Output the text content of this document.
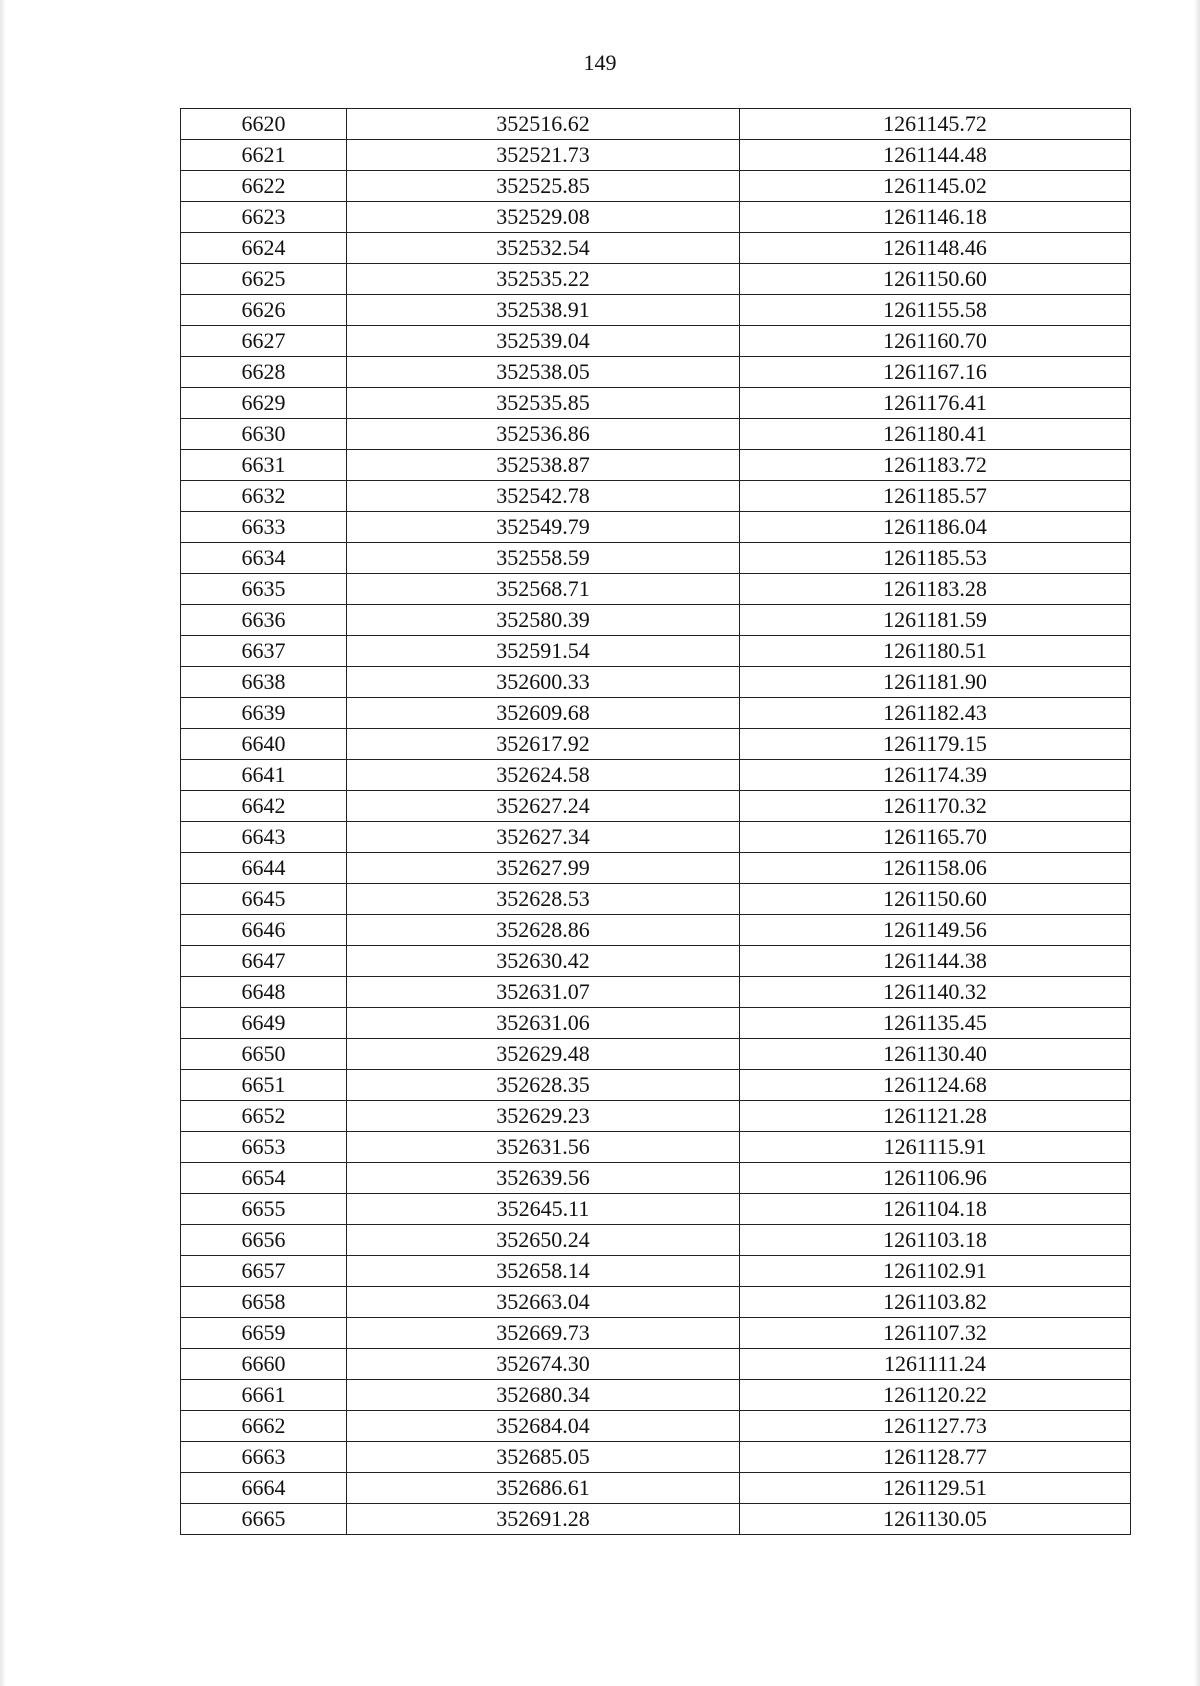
149
6620	352516.62	1261145.72
6621	352521.73	1261144.48
6622	352525.85	1261145.02
6623	352529.08	1261146.18
6624	352532.54	1261148.46
6625	352535.22	1261150.60
6626	352538.91	1261155.58
6627	352539.04	1261160.70
6628	352538.05	1261167.16
6629	352535.85	1261176.41
6630	352536.86	1261180.41
6631	352538.87	1261183.72
6632	352542.78	1261185.57
6633	352549.79	1261186.04
6634	352558.59	1261185.53
6635	352568.71	1261183.28
6636	352580.39	1261181.59
6637	352591.54	1261180.51
6638	352600.33	1261181.90
6639	352609.68	1261182.43
6640	352617.92	1261179.15
6641	352624.58	1261174.39
6642	352627.24	1261170.32
6643	352627.34	1261165.70
6644	352627.99	1261158.06
6645	352628.53	1261150.60
6646	352628.86	1261149.56
6647	352630.42	1261144.38
6648	352631.07	1261140.32
6649	352631.06	1261135.45
6650	352629.48	1261130.40
6651	352628.35	1261124.68
6652	352629.23	1261121.28
6653	352631.56	1261115.91
6654	352639.56	1261106.96
6655	352645.11	1261104.18
6656	352650.24	1261103.18
6657	352658.14	1261102.91
6658	352663.04	1261103.82
6659	352669.73	1261107.32
6660	352674.30	1261111.24
6661	352680.34	1261120.22
6662	352684.04	1261127.73
6663	352685.05	1261128.77
6664	352686.61	1261129.51
6665	352691.28	1261130.05
